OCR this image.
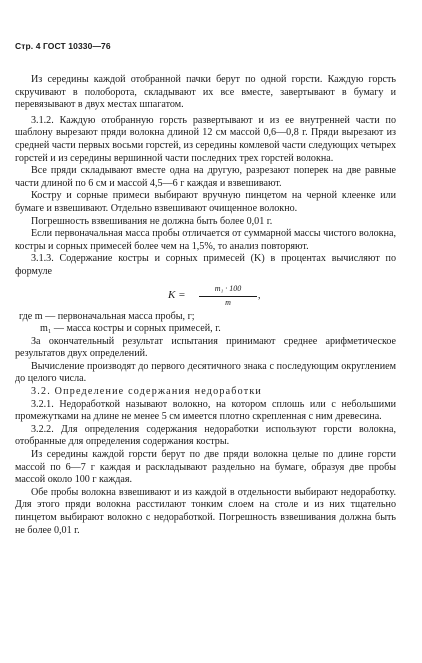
Стр. 4 ГОСТ 10330—76

Из середины каждой отобранной пачки берут по одной горсти. Каждую горсть скручивают в полоборота, складывают их все вместе, завертывают в бумагу и перевязывают в двух местах шпагатом.

3.1.2. Каждую отобранную горсть развертывают и из ее внутренней части по шаблону вырезают пряди волокна длиной 12 см массой 0,6—0,8 г. Пряди вырезают из средней части первых восьми горстей, из середины комлевой части следующих четырех горстей и из середины вершинной части последних трех горстей волокна.

Все пряди складывают вместе одна на другую, разрезают поперек на две равные части длиной по 6 см и массой 4,5—6 г каждая и взвешивают.

Костру и сорные примеси выбирают вручную пинцетом на черной клеенке или бумаге и взвешивают. Отдельно взвешивают очищенное волокно.

Погрешность взвешивания не должна быть более 0,01 г.

Если первоначальная масса пробы отличается от суммарной массы чистого волокна, костры и сорных примесей более чем на 1,5%, то анализ повторяют.

3.1.3. Содержание костры и сорных примесей (K) в процентах вычисляют по формуле

$K = \frac{\text{m₁ · 100}}{m}$ ,

где m — первоначальная масса пробы, г;

m₁ — масса костры и сорных примесей, г.

За окончательный результат испытания принимают среднее арифметическое результатов двух определений.

Вычисление производят до первого десятичного знака с последующим округлением до целого числа.

3.2. Определение содержания недоработки

3.2.1. Недоработкой называют волокно, на котором сплошь или с небольшими промежутками на длине не менее 5 см имеется плотно скрепленная с ним древесина.

3.2.2. Для определения содержания недоработки используют горсти волокна, отобранные для определения содержания костры.

Из середины каждой горсти берут по две пряди волокна целые по длине горсти массой по 6—7 г каждая и раскладывают раздельно на бумаге, образуя две пробы массой около 100 г каждая.

Обе пробы волокна взвешивают и из каждой в отдельности выбирают недоработку. Для этого пряди волокна расстилают тонким слоем на столе и из них тщательно пинцетом выбирают волокно с недоработкой. Погрешность взвешивания должна быть не более 0,01 г.
